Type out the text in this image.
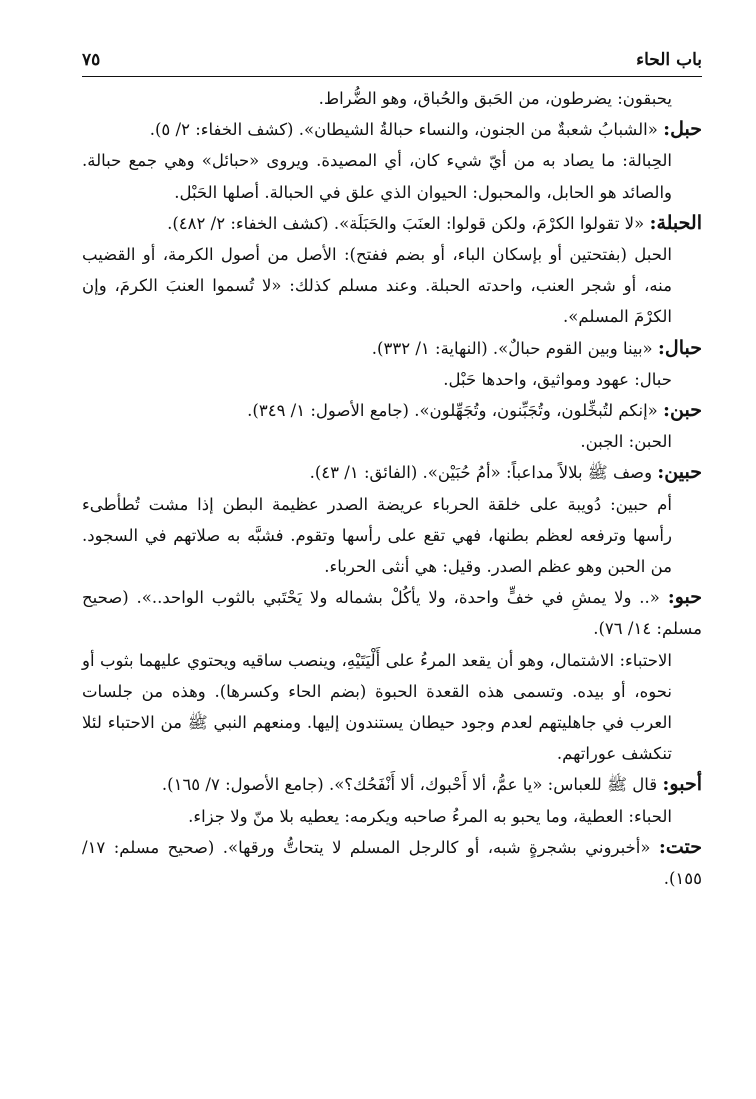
باب الحاء
٧٥

يحبقون: يضرطون، من الحَبق والحُباق، وهو الضُّراط.

حبل: «الشبابُ شعبةٌ من الجنون، والنساء حبالةُ الشيطان». (كشف الخفاء: ٢/ ٥).

الحِبالة: ما يصاد به من أيّ شيء كان، أي المصيدة. ويروى «حبائل» وهي جمع حبالة. والصائد هو الحابل، والمحبول: الحيوان الذي علق في الحبالة. أصلها الحَبْل.

الحبلة: «لا تقولوا الكرْمَ، ولكن قولوا: العنَبَ والحَبَلَة». (كشف الخفاء: ٢/ ٤٨٢).

الحبل (بفتحتين أو بإسكان الباء، أو بضم ففتح): الأصل من أصول الكرمة، أو القضيب منه، أو شجر العنب، واحدته الحبلة. وعند مسلم كذلك: «لا تُسموا العنبَ الكرمَ، وإن الكرْمَ المسلم».

حبال: «بينا وبين القوم حبالٌ». (النهاية: ١/ ٣٣٢).

حبال: عهود ومواثيق، واحدها حَبْل.

حبن: «إنكم لتُبخِّلون، وتُجَبِّنون، وتُجَهِّلون». (جامع الأصول: ١/ ٣٤٩).

الحبن: الجبن.

حبين: وصف ﷺ بلالاً مداعباً: «أمُ حُبَيْن». (الفائق: ١/ ٤٣).

أم حبين: دُويبة على خلقة الحرباء عريضة الصدر عظيمة البطن إذا مشت تُطأطىء رأسها وترفعه لعظم بطنها، فهي تقع على رأسها وتقوم. فشبَّه به صلاتهم في السجود. من الحبن وهو عظم الصدر. وقيل: هي أنثى الحرباء.

حبو: «.. ولا يمشِ في خفٍّ واحدة، ولا يأكُلْ بشماله ولا يَحْتَبي بالثوب الواحد..». (صحيح مسلم: ١٤/ ٧٦).

الاحتباء: الاشتمال، وهو أن يقعد المرءُ على أَلْيَتَيْهِ، وينصب ساقيه ويحتوي عليهما بثوب أو نحوه، أو بيده. وتسمى هذه القعدة الحبوة (بضم الحاء وكسرها). وهذه من جلسات العرب في جاهليتهم لعدم وجود حيطان يستندون إليها. ومنعهم النبي ﷺ من الاحتباء لئلا تنكشف عوراتهم.

أحبو: قال ﷺ للعباس: «يا عمُّ، ألا أَحْبوك، ألا أَنْفَحُك؟». (جامع الأصول: ٧/ ١٦٥).

الحباء: العطية، وما يحبو به المرءُ صاحبه ويكرمه: يعطيه بلا منّ ولا جزاء.

حتت: «أخبروني بشجرةٍ شبه، أو كالرجل المسلم لا يتحاتُّ ورقها». (صحيح مسلم: ١٧/ ١٥٥).
